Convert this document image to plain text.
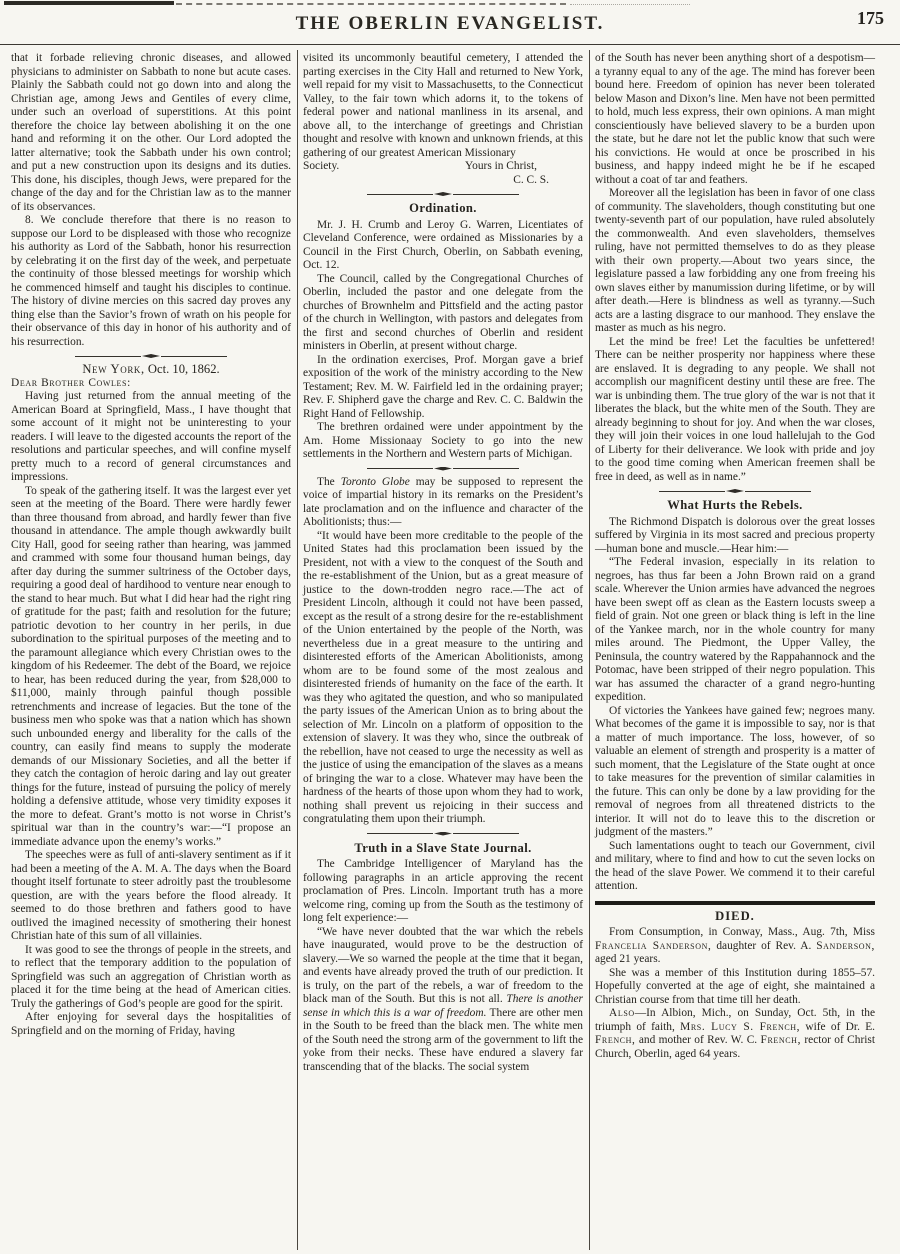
THE OBERLIN EVANGELIST.	175

that it forbade relieving chronic diseases, and allowed physicians to administer on Sabbath to none but acute cases. Plainly the Sabbath could not go down into and along the Christian age, among Jews and Gentiles of every clime, under such an overload of superstitions. At this point therefore the choice lay between abolishing it on the one hand and reforming it on the other. Our Lord adopted the latter alternative; took the Sabbath under his own control; and put a new construction upon its designs and its duties. This done, his disciples, though Jews, were prepared for the change of the day and for the Christian law as to the manner of its observances.

8. We conclude therefore that there is no reason to suppose our Lord to be displeased with those who recognize his authority as Lord of the Sabbath, honor his resurrection by celebrating it on the first day of the week, and perpetuate the continuity of those blessed meetings for worship which he commenced himself and taught his disciples to continue. The history of divine mercies on this sacred day proves any thing else than the Savior’s frown of wrath on his people for their observance of this day in honor of his authority and of his resurrection.

New York, Oct. 10, 1862.

Dear Brother Cowles:

Having just returned from the annual meeting of the American Board at Springfield, Mass., I have thought that some account of it might not be uninteresting to your readers. I will leave to the digested accounts the report of the resolutions and particular speeches, and will confine myself pretty much to a record of general circumstances and impressions.

To speak of the gathering itself. It was the largest ever yet seen at the meeting of the Board. There were hardly fewer than three thousand from abroad, and hardly fewer than five thousand in attendance. The ample though awkwardly built City Hall, good for seeing rather than hearing, was jammed and crammed with some four thousand human beings, day after day during the summer sultriness of the October days, requiring a good deal of hardihood to venture near enough to the stand to hear much. But what I did hear had the right ring of gratitude for the past; faith and resolution for the future; patriotic devotion to her country in her perils, in due subordination to the spiritual purposes of the meeting and to the paramount allegiance which every Christian owes to the kingdom of his Redeemer. The debt of the Board, we rejoice to hear, has been reduced during the year, from $28,000 to $11,000, mainly through painful though possible retrenchments and increase of legacies. But the tone of the business men who spoke was that a nation which has shown such unbounded energy and liberality for the calls of the country, can easily find means to supply the moderate demands of our Missionary Societies, and all the better if they catch the contagion of heroic daring and lay out greater things for the future, instead of pursuing the policy of merely holding a defensive attitude, whose very timidity exposes it the more to defeat. Grant’s motto is not worse in Christ’s spiritual war than in the country’s war:—“I propose an immediate advance upon the enemy’s works.”

The speeches were as full of anti-slavery sentiment as if it had been a meeting of the A. M. A. The days when the Board thought itself fortunate to steer adroitly past the troublesome question, are with the years before the flood already. It seemed to do those brethren and fathers good to have outlived the imagined necessity of smothering their honest Christian hate of this sum of all villainies.

It was good to see the throngs of people in the streets, and to reflect that the temporary addition to the population of Springfield was such an aggregation of Christian worth as placed it for the time being at the head of American cities. Truly the gatherings of God’s people are good for the spirit.

After enjoying for several days the hospitalities of Springfield and on the morning of Friday, having

visited its uncommonly beautiful cemetery, I attended the parting exercises in the City Hall and returned to New York, well repaid for my visit to Massachusetts, to the Connecticut Valley, to the fair town which adorns it, to the tokens of federal power and national manliness in its arsenal, and above all, to the interchange of greetings and Christian thought and resolve with known and unknown friends, at this gathering of our greatest American Missionary

Society.	Yours in Christ,

C. C. S.

Ordination.

Mr. J. H. Crumb and Leroy G. Warren, Licentiates of Cleveland Conference, were ordained as Missionaries by a Council in the First Church, Oberlin, on Sabbath evening, Oct. 12.

The Council, called by the Congregational Churches of Oberlin, included the pastor and one delegate from the churches of Brownhelm and Pittsfield and the acting pastor of the church in Wellington, with pastors and delegates from the first and second churches of Oberlin and resident ministers in Oberlin, at present without charge.

In the ordination exercises, Prof. Morgan gave a brief exposition of the work of the ministry according to the New Testament; Rev. M. W. Fairfield led in the ordaining prayer; Rev. F. Shipherd gave the charge and Rev. C. C. Baldwin the Right Hand of Fellowship.

The brethren ordained were under appointment by the Am. Home Missionaay Society to go into the new settlements in the Northern and Western parts of Michigan.

The Toronto Globe may be supposed to represent the voice of impartial history in its remarks on the President’s late proclamation and on the influence and character of the Abolitionists; thus:—

“It would have been more creditable to the people of the United States had this proclamation been issued by the President, not with a view to the conquest of the South and the re-establishment of the Union, but as a great measure of justice to the down-trodden negro race.—The act of President Lincoln, although it could not have been passed, except as the result of a strong desire for the re-establishment of the Union entertained by the people of the North, was nevertheless due in a great measure to the untiring and disinterested efforts of the American Abolitionists, among whom are to be found some of the most zealous and disinterested friends of humanity on the face of the earth. It was they who agitated the question, and who so manipulated the party issues of the American Union as to bring about the selection of Mr. Lincoln on a platform of opposition to the extension of slavery. It was they who, since the outbreak of the rebellion, have not ceased to urge the necessity as well as the justice of using the emancipation of the slaves as a means of bringing the war to a close. Whatever may have been the hardness of the hearts of those upon whom they had to work, nothing shall prevent us rejoicing in their success and congratulating them upon their triumph.

Truth in a Slave State Journal.

The Cambridge Intelligencer of Maryland has the following paragraphs in an article approving the recent proclamation of Pres. Lincoln. Important truth has a more welcome ring, coming up from the South as the testimony of long felt experience:—

“We have never doubted that the war which the rebels have inaugurated, would prove to be the destruction of slavery.—We so warned the people at the time that it began, and events have already proved the truth of our prediction. It is truly, on the part of the rebels, a war of freedom to the black man of the South. But this is not all. There is another sense in which this is a war of freedom. There are other men in the South to be freed than the black men. The white men of the South need the strong arm of the government to lift the yoke from their necks. These have endured a slavery far transcending that of the blacks. The social system

of the South has never been anything short of a despotism—a tyranny equal to any of the age. The mind has forever been bound here. Freedom of opinion has never been tolerated below Mason and Dixon’s line. Men have not been permitted to hold, much less express, their own opinions. A man might conscientiously have believed slavery to be a burden upon the state, but he dare not let the public know that such were his convictions. He would at once be proscribed in his business, and happy indeed might he be if he escaped without a coat of tar and feathers.

Moreover all the legislation has been in favor of one class of community. The slaveholders, though constituting but one twenty-seventh part of our population, have ruled absolutely the commonwealth. And even slaveholders, themselves ruling, have not permitted themselves to do as they please with their own property.—About two years since, the legislature passed a law forbidding any one from freeing his own slaves either by manumission during lifetime, or by will after death.—Here is blindness as well as tyranny.—Such acts are a lasting disgrace to our manhood. They enslave the master as much as his negro.

Let the mind be free! Let the faculties be unfettered! There can be neither prosperity nor happiness where these are enslaved. It is degrading to any people. We shall not accomplish our magnificent destiny until these are free. The war is unbinding them. The true glory of the war is not that it liberates the black, but the white men of the South. They are already beginning to shout for joy. And when the war closes, they will join their voices in one loud hallelujah to the God of Liberty for their deliverance. We look with pride and joy to the good time coming when American freemen shall be free in deed, as well as in name.”

What Hurts the Rebels.

The Richmond Dispatch is dolorous over the great losses suffered by Virginia in its most sacred and precious property—human bone and muscle.—Hear him:—

“The Federal invasion, especially in its relation to negroes, has thus far been a John Brown raid on a grand scale. Wherever the Union armies have advanced the negroes have been swept off as clean as the Eastern locusts sweep a field of grain. Not one green or black thing is left in the line of the Yankee march, nor in the whole country for many miles around. The Piedmont, the Upper Valley, the Peninsula, the country watered by the Rappahannock and the Potomac, have been stripped of their negro population. This war has assumed the character of a grand negro-hunting expedition.

Of victories the Yankees have gained few; negroes many. What becomes of the game it is impossible to say, nor is that a matter of much importance. The loss, however, of so valuable an element of strength and prosperity is a matter of such moment, that the Legislature of the State ought at once to take measures for the prevention of similar calamities in the future. This can only be done by a law providing for the removal of negroes from all threatened districts to the interior. It will not do to leave this to the discretion or judgment of the masters.”

Such lamentations ought to teach our Government, civil and military, where to find and how to cut the seven locks on the head of the slave Power. We commend it to their careful attention.

DIED.

From Consumption, in Conway, Mass., Aug. 7th, Miss Francelia Sanderson, daughter of Rev. A. Sanderson, aged 21 years.

She was a member of this Institution during 1855–57. Hopefully converted at the age of eight, she maintained a Christian course from that time till her death.

Also—In Albion, Mich., on Sunday, Oct. 5th, in the triumph of faith, Mrs. Lucy S. French, wife of Dr. E. French, and mother of Rev. W. C. French, rector of Christ Church, Oberlin, aged 64 years.
